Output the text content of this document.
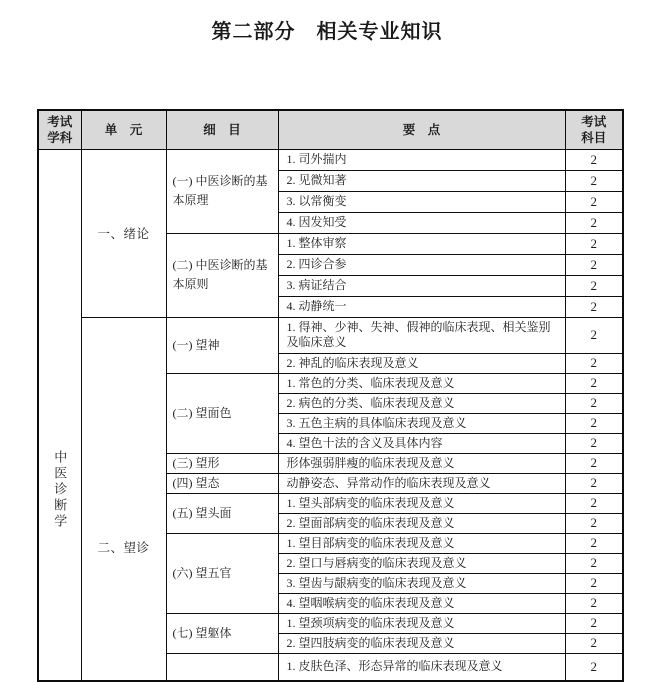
第二部分　相关专业知识
考试学科	单　元	细　目	要　点	考试科目
中医诊断学	一、绪论	(一) 中医诊断的基本原理	1. 司外揣内	2
			2. 见微知著	2
			3. 以常衡变	2
			4. 因发知受	2
		(二) 中医诊断的基本原则	1. 整体审察	2
			2. 四诊合参	2
			3. 病证结合	2
			4. 动静统一	2

	二、望诊	(一) 望神	1. 得神、少神、失神、假神的临床表现、相关鉴别及临床意义	2
			2. 神乱的临床表现及意义	2
		(二) 望面色	1. 常色的分类、临床表现及意义	2
			2. 病色的分类、临床表现及意义	2
			3. 五色主病的具体临床表现及意义	2
			4. 望色十法的含义及具体内容	2
		(三) 望形	形体强弱胖瘦的临床表现及意义	2
		(四) 望态	动静姿态、异常动作的临床表现及意义	2
		(五) 望头面	1. 望头部病变的临床表现及意义	2
			2. 望面部病变的临床表现及意义	2
		(六) 望五官	1. 望目部病变的临床表现及意义	2
			2. 望口与唇病变的临床表现及意义	2
			3. 望齿与龈病变的临床表现及意义	2
			4. 望咽喉病变的临床表现及意义	2
		(七) 望躯体	1. 望颈项病变的临床表现及意义	2
			2. 望四肢病变的临床表现及意义	2

			1. 皮肤色泽、形态异常的临床表现及意义	2
